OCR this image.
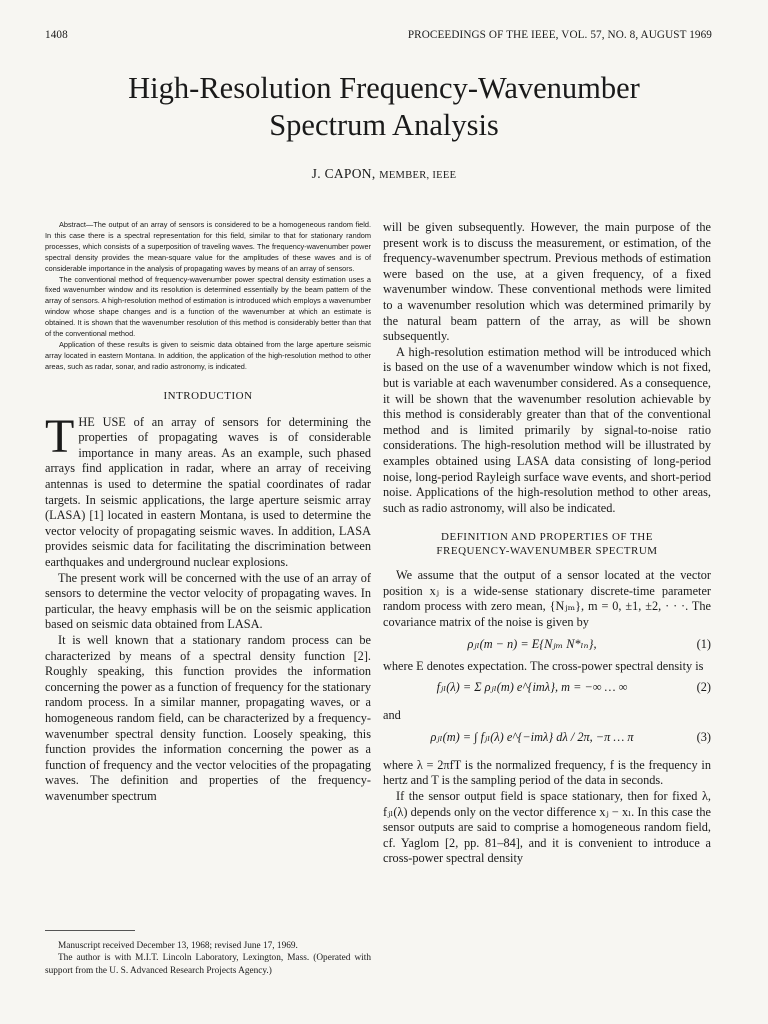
1408	PROCEEDINGS OF THE IEEE, VOL. 57, NO. 8, AUGUST 1969
High-Resolution Frequency-Wavenumber
Spectrum Analysis
J. CAPON, MEMBER, IEEE

Abstract—The output of an array of sensors is considered to be a homogeneous random field. In this case there is a spectral representation for this field, similar to that for stationary random processes, which consists of a superposition of traveling waves. The frequency-wavenumber power spectral density provides the mean-square value for the amplitudes of these waves and is of considerable importance in the analysis of propagating waves by means of an array of sensors.

The conventional method of frequency-wavenumber power spectral density estimation uses a fixed wavenumber window and its resolution is determined essentially by the beam pattern of the array of sensors. A high-resolution method of estimation is introduced which employs a wavenumber window whose shape changes and is a function of the wavenumber at which an estimate is obtained. It is shown that the wavenumber resolution of this method is considerably better than that of the conventional method.

Application of these results is given to seismic data obtained from the large aperture seismic array located in eastern Montana. In addition, the application of the high-resolution method to other areas, such as radar, sonar, and radio astronomy, is indicated.

INTRODUCTION

THE USE of an array of sensors for determining the properties of propagating waves is of considerable importance in many areas. As an example, such phased arrays find application in radar, where an array of receiving antennas is used to determine the spatial coordinates of radar targets. In seismic applications, the large aperture seismic array (LASA) [1] located in eastern Montana, is used to determine the vector velocity of propagating seismic waves. In addition, LASA provides seismic data for facilitating the discrimination between earthquakes and underground nuclear explosions.

The present work will be concerned with the use of an array of sensors to determine the vector velocity of propagating waves. In particular, the heavy emphasis will be on the seismic application based on seismic data obtained from LASA.

It is well known that a stationary random process can be characterized by means of a spectral density function [2]. Roughly speaking, this function provides the information concerning the power as a function of frequency for the stationary random process. In a similar manner, propagating waves, or a homogeneous random field, can be characterized by a frequency-wavenumber spectral density function. Loosely speaking, this function provides the information concerning the power as a function of frequency and the vector velocities of the propagating waves. The definition and properties of the frequency-wavenumber spectrum

will be given subsequently. However, the main purpose of the present work is to discuss the measurement, or estimation, of the frequency-wavenumber spectrum. Previous methods of estimation were based on the use, at a given frequency, of a fixed wavenumber window. These conventional methods were limited to a wavenumber resolution which was determined primarily by the natural beam pattern of the array, as will be shown subsequently.

A high-resolution estimation method will be introduced which is based on the use of a wavenumber window which is not fixed, but is variable at each wavenumber considered. As a consequence, it will be shown that the wavenumber resolution achievable by this method is considerably greater than that of the conventional method and is limited primarily by signal-to-noise ratio considerations. The high-resolution method will be illustrated by examples obtained using LASA data consisting of long-period noise, long-period Rayleigh surface wave events, and short-period noise. Applications of the high-resolution method to other areas, such as radio astronomy, will also be indicated.

DEFINITION AND PROPERTIES OF THE
FREQUENCY-WAVENUMBER SPECTRUM

We assume that the output of a sensor located at the vector position xⱼ is a wide-sense stationary discrete-time parameter random process with zero mean, {Nⱼₘ}, m = 0, ±1, ±2, · · ·. The covariance matrix of the noise is given by

ρⱼₗ(m − n) = E{Nⱼₘ N*ₗₙ},	(1)

where E denotes expectation. The cross-power spectral density is

fⱼₗ(λ) = Σ ρⱼₗ(m) e^{imλ}, m = −∞ … ∞	(2)

and

ρⱼₗ(m) = ∫ fⱼₗ(λ) e^{−imλ} dλ / 2π, −π … π	(3)

where λ = 2πfT is the normalized frequency, f is the frequency in hertz and T is the sampling period of the data in seconds.

If the sensor output field is space stationary, then for fixed λ, fⱼₗ(λ) depends only on the vector difference xⱼ − xₗ. In this case the sensor outputs are said to comprise a homogeneous random field, cf. Yaglom [2, pp. 81–84], and it is convenient to introduce a cross-power spectral density

Manuscript received December 13, 1968; revised June 17, 1969.

The author is with M.I.T. Lincoln Laboratory, Lexington, Mass. (Operated with support from the U. S. Advanced Research Projects Agency.)
